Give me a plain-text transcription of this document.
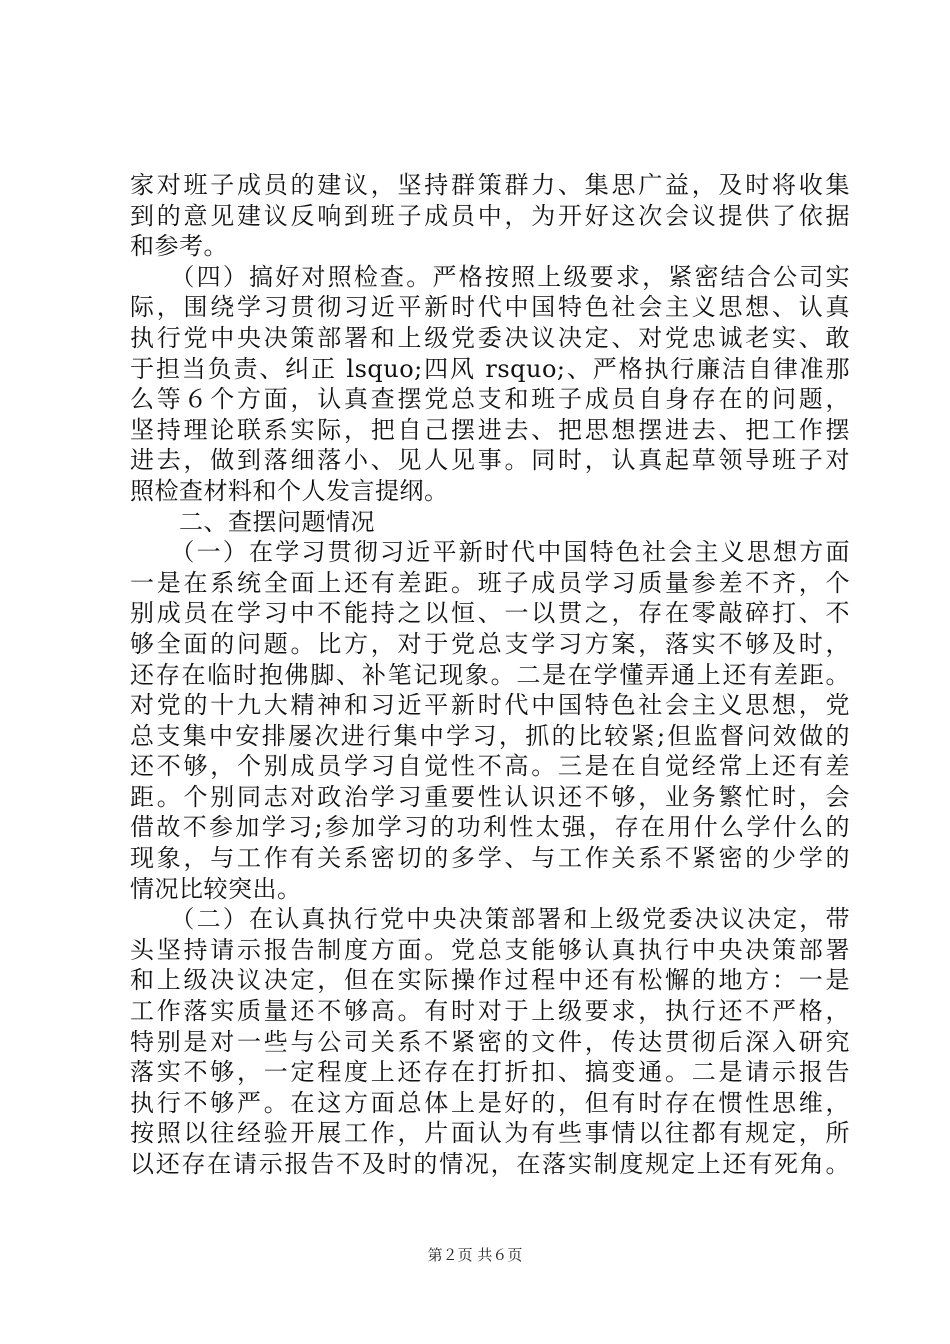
家对班子成员的建议，坚持群策群力、集思广益，及时将收集
到的意见建议反响到班子成员中，为开好这次会议提供了依据
和参考。
　　（四）搞好对照检查。严格按照上级要求，紧密结合公司实
际，围绕学习贯彻习近平新时代中国特色社会主义思想、认真
执行党中央决策部署和上级党委决议决定、对党忠诚老实、敢
于担当负责、纠正 lsquo;四风 rsquo;、严格执行廉洁自律准那
么等６个方面，认真查摆党总支和班子成员自身存在的问题，
坚持理论联系实际，把自己摆进去、把思想摆进去、把工作摆
进去，做到落细落小、见人见事。同时，认真起草领导班子对
照检查材料和个人发言提纲。
　　二、查摆问题情况
　　（一）在学习贯彻习近平新时代中国特色社会主义思想方面
一是在系统全面上还有差距。班子成员学习质量参差不齐，个
别成员在学习中不能持之以恒、一以贯之，存在零敲碎打、不
够全面的问题。比方，对于党总支学习方案，落实不够及时，
还存在临时抱佛脚、补笔记现象。二是在学懂弄通上还有差距。
对党的十九大精神和习近平新时代中国特色社会主义思想，党
总支集中安排屡次进行集中学习，抓的比较紧;但监督问效做的
还不够，个别成员学习自觉性不高。三是在自觉经常上还有差
距。个别同志对政治学习重要性认识还不够，业务繁忙时，会
借故不参加学习;参加学习的功利性太强，存在用什么学什么的
现象，与工作有关系密切的多学、与工作关系不紧密的少学的
情况比较突出。
　　（二）在认真执行党中央决策部署和上级党委决议决定，带
头坚持请示报告制度方面。党总支能够认真执行中央决策部署
和上级决议决定，但在实际操作过程中还有松懈的地方：一是
工作落实质量还不够高。有时对于上级要求，执行还不严格，
特别是对一些与公司关系不紧密的文件，传达贯彻后深入研究
落实不够，一定程度上还存在打折扣、搞变通。二是请示报告
执行不够严。在这方面总体上是好的，但有时存在惯性思维，
按照以往经验开展工作，片面认为有些事情以往都有规定，所
以还存在请示报告不及时的情况，在落实制度规定上还有死角。
第２页 共６页
